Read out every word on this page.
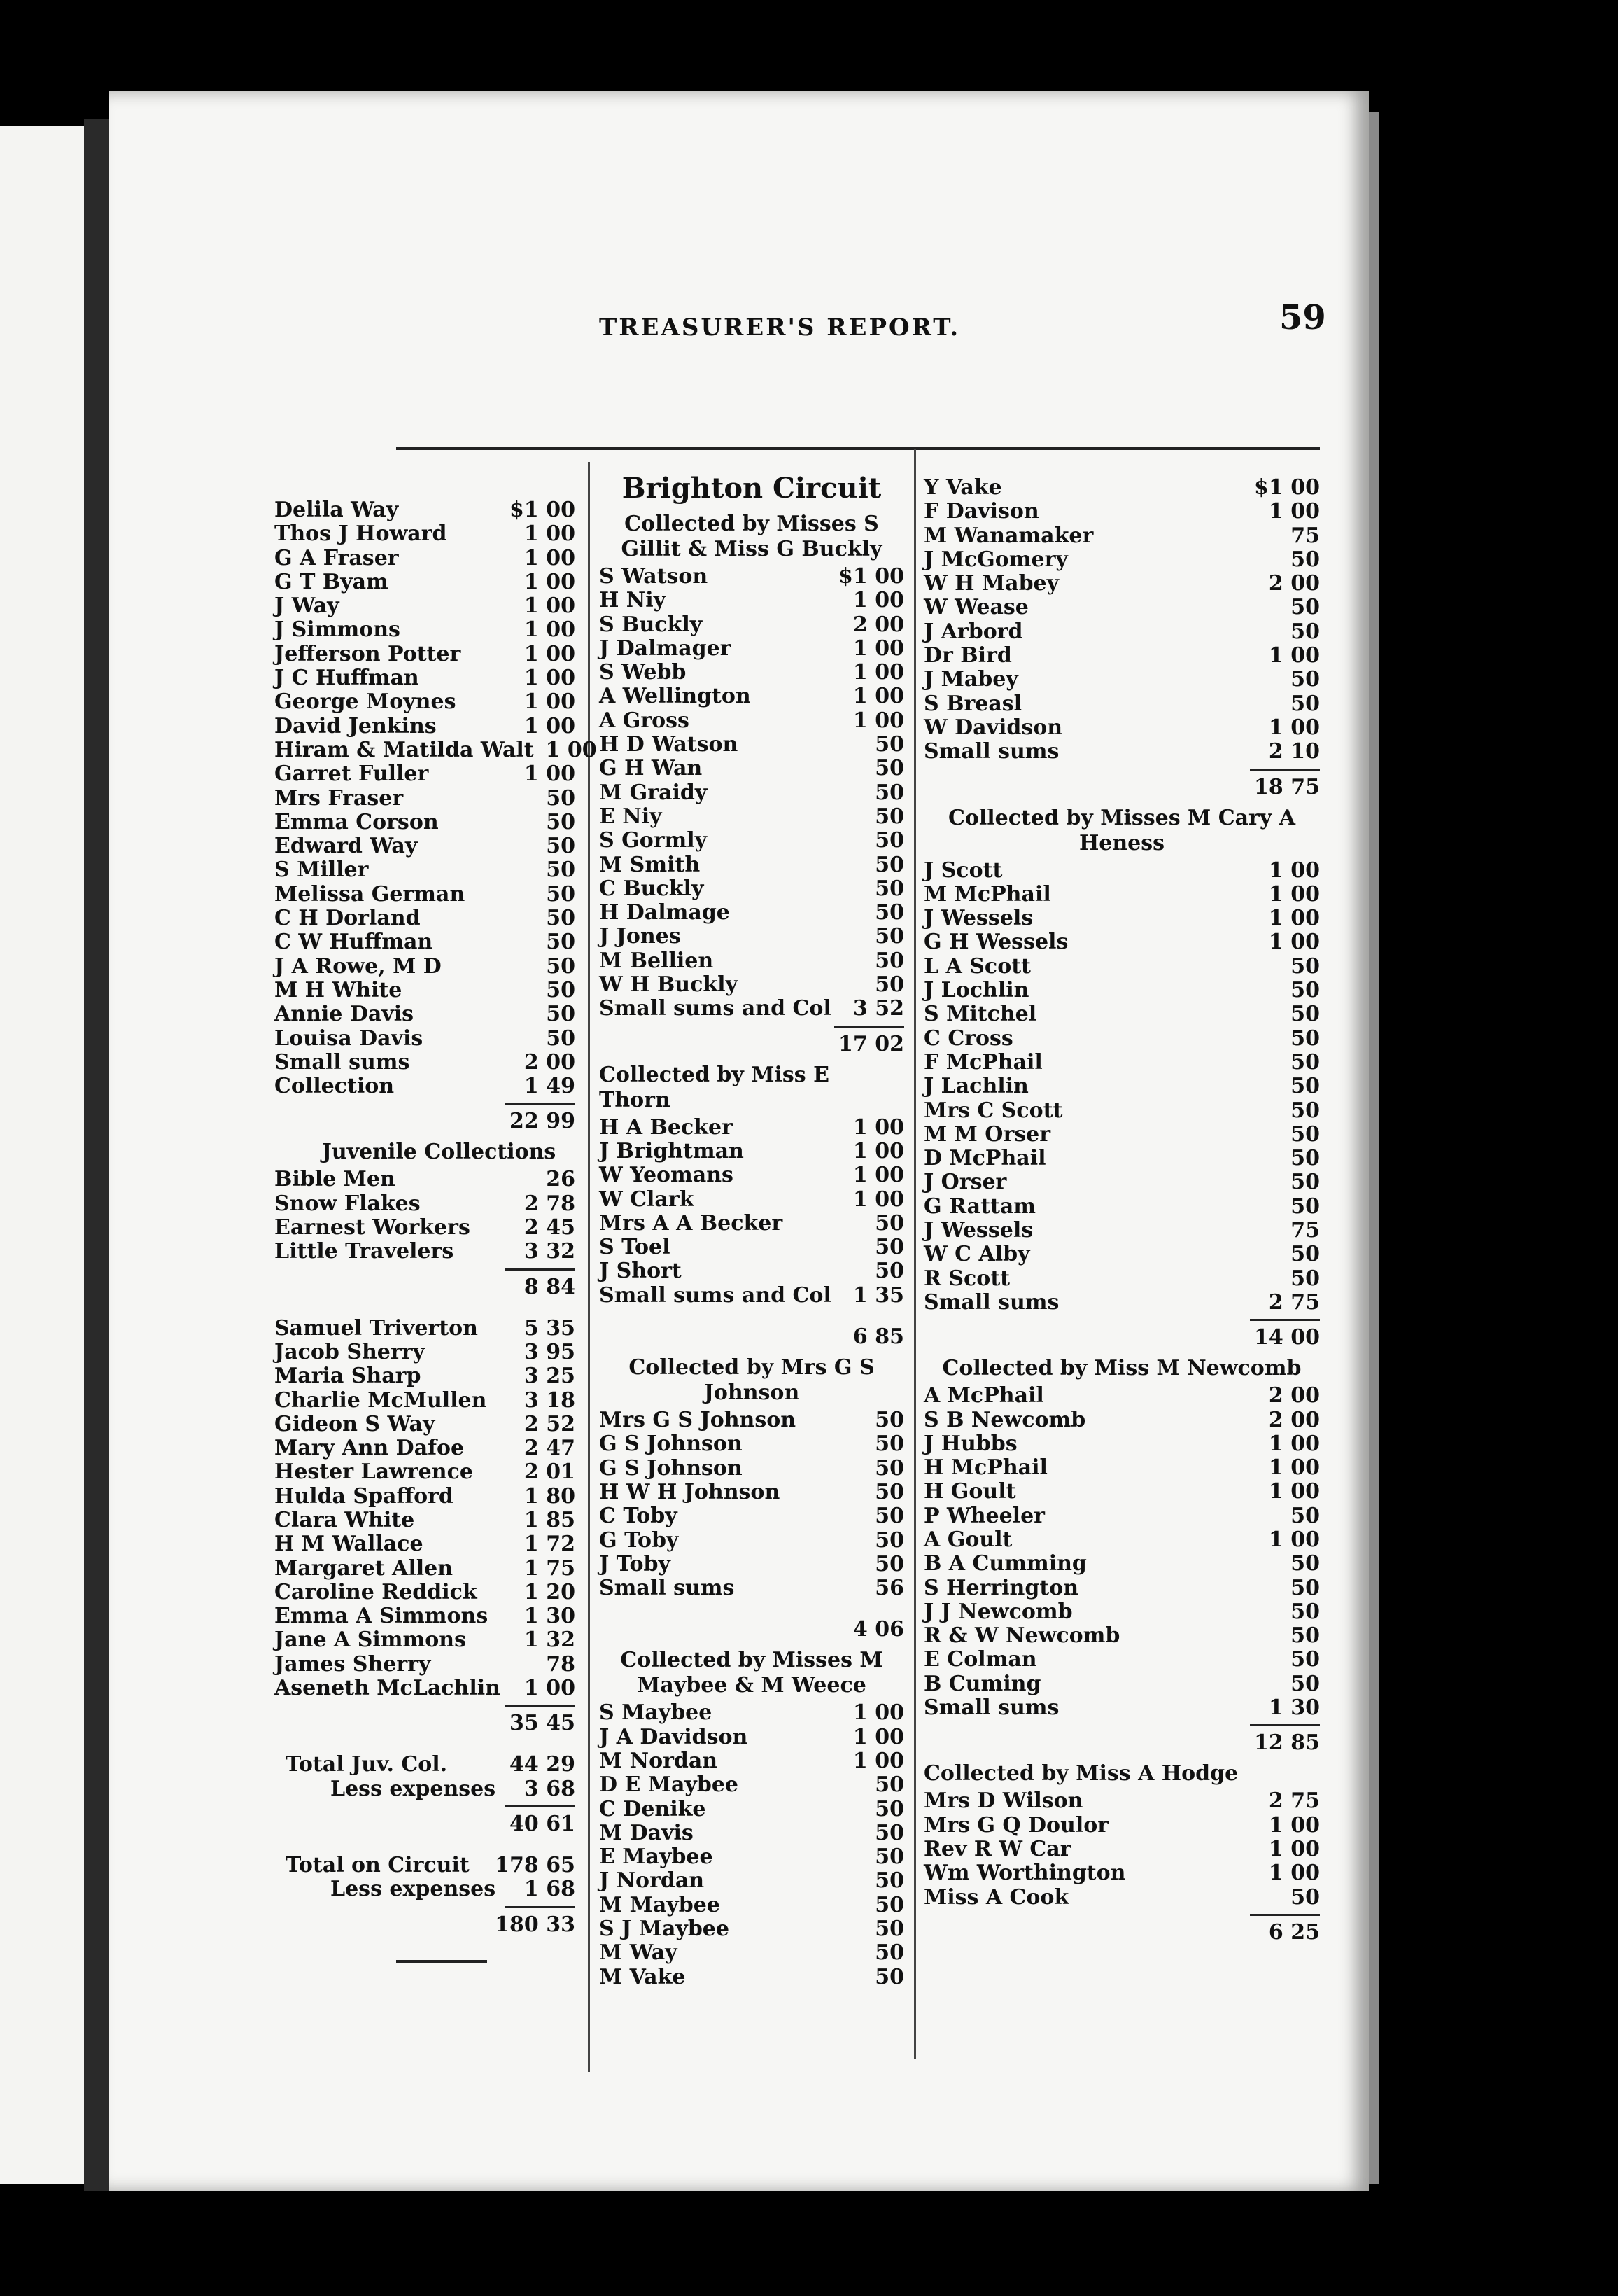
TREASURER'S REPORT.	59
Delila Way	$1 00
Thos J Howard	1 00
G A Fraser	1 00
G T Byam	1 00
J Way	1 00
J Simmons	1 00
Jefferson Potter	1 00
J C Huffman	1 00
George Moynes	1 00
David Jenkins	1 00
Hiram & Matilda Walt 1 00
Garret Fuller	1 00
Mrs Fraser	50
Emma Corson	50
Edward Way	50
S Miller	50
Melissa German	50
C H Dorland	50
C W Huffman	50
J A Rowe, M D	50
M H White	50
Annie Davis	50
Louisa Davis	50
Small sums	2 00
Collection	1 49
22 99
Juvenile Collections
Bible Men	26
Snow Flakes	2 78
Earnest Workers	2 45
Little Travelers	3 32
8 84
Samuel Triverton	5 35
Jacob Sherry	3 95
Maria Sharp	3 25
Charlie McMullen	3 18
Gideon S Way	2 52
Mary Ann Dafoe	2 47
Hester Lawrence	2 01
Hulda Spafford	1 80
Clara White	1 85
H M Wallace	1 72
Margaret Allen	1 75
Caroline Reddick	1 20
Emma A Simmons	1 30
Jane A Simmons	1 32
James Sherry	78
Aseneth McLachlin	1 00
35 45
Total Juv. Col.	44 29
Less expenses	3 68
40 61
Total on Circuit 178 65
Less expenses	1 68
180 33
Brighton Circuit
Collected by Misses S Gillit & Miss G Buckly
S Watson	$1 00
H Niy	1 00
S Buckly	2 00
J Dalmager	1 00
S Webb	1 00
A Wellington	1 00
A Gross	1 00
H D Watson	50
G H Wan	50
M Graidy	50
E Niy	50
S Gormly	50
M Smith	50
C Buckly	50
H Dalmage	50
J Jones	50
M Bellien	50
W H Buckly	50
Small sums and Col	3 52
17 02
Collected by Miss E Thorn
H A Becker	1 00
J Brightman	1 00
W Yeomans	1 00
W Clark	1 00
Mrs A A Becker	50
S Toel	50
J Short	50
Small sums and Col	1 35
6 85
Collected by Mrs G S Johnson
Mrs G S Johnson	50
G S Johnson	50
G S Johnson	50
H W H Johnson	50
C Toby	50
G Toby	50
J Toby	50
Small sums	56
4 06
Collected by Misses M Maybee & M Weece
S Maybee	1 00
J A Davidson	1 00
M Nordan	1 00
D E Maybee	50
C Denike	50
M Davis	50
E Maybee	50
J Nordan	50
M Maybee	50
S J Maybee	50
M Way	50
M Vake	50
Y Vake	$1 00
F Davison	1 00
M Wanamaker	75
J McGomery	50
W H Mabey	2 00
W Wease	50
J Arbord	50
Dr Bird	1 00
J Mabey	50
S Breasl	50
W Davidson	1 00
Small sums	2 10
18 75
Collected by Misses M Cary A Heness
J Scott	1 00
M McPhail	1 00
J Wessels	1 00
G H Wessels	1 00
L A Scott	50
J Lochlin	50
S Mitchel	50
C Cross	50
F McPhail	50
J Lachlin	50
Mrs C Scott	50
M M Orser	50
D McPhail	50
J Orser	50
G Rattam	50
J Wessels	75
W C Alby	50
R Scott	50
Small sums	2 75
14 00
Collected by Miss M Newcomb
A McPhail	2 00
S B Newcomb	2 00
J Hubbs	1 00
H McPhail	1 00
H Goult	1 00
P Wheeler	50
A Goult	1 00
B A Cumming	50
S Herrington	50
J J Newcomb	50
R & W Newcomb	50
E Colman	50
B Cuming	50
Small sums	1 30
12 85
Collected by Miss A Hodge
Mrs D Wilson	2 75
Mrs G Q Doulor	1 00
Rev R W Car	1 00
Wm Worthington	1 00
Miss A Cook	50
6 25
